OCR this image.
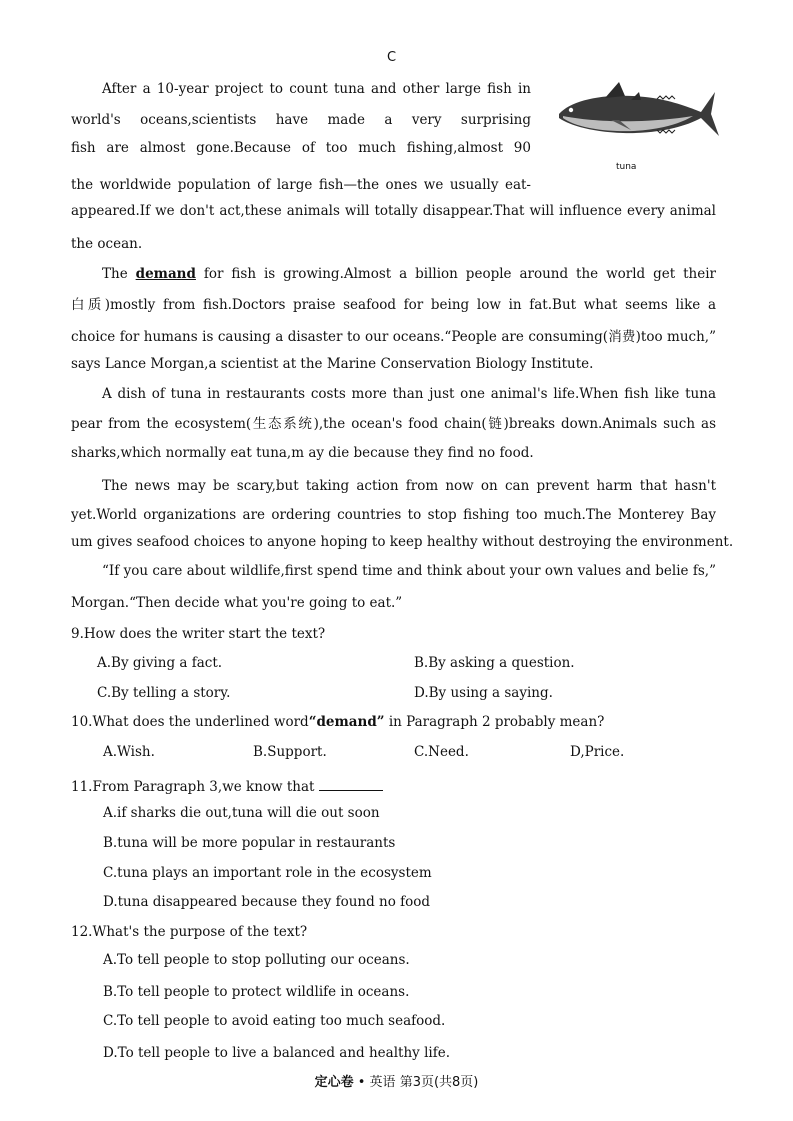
C
tuna
After a 10-year project to count tuna and other large fish in
world's oceans,scientists have made a very surprising
fish are almost gone.Because of too much fishing,almost 90
the worldwide population of large fish—the ones we usually eat-
appeared.If we don't act,these animals will totally disappear.That will influence every animal
the ocean.
The demand for fish is growing.Almost a billion people around the world get their
白质)mostly from fish.Doctors praise seafood for being low in fat.But what seems like a
choice for humans is causing a disaster to our oceans.“People are consuming(消费)too much,”
says Lance Morgan,a scientist at the Marine Conservation Biology Institute.
A dish of tuna in restaurants costs more than just one animal's life.When fish like tuna
pear from the ecosystem(生态系统),the ocean's food chain(链)breaks down.Animals such as
sharks,which normally eat tuna,m ay die because they find no food.
The news may be scary,but taking action from now on can prevent harm that hasn't
yet.World organizations are ordering countries to stop fishing too much.The Monterey Bay
um gives seafood choices to anyone hoping to keep healthy without destroying the environment.
“If you care about wildlife,first spend time and think about your own values and belie fs,”
Morgan.“Then decide what you're going to eat.”
9.How does the writer start the text?
A.By giving a fact.	B.By asking a question.
C.By telling a story.	D.By using a saying.
10.What does the underlined word“demand” in Paragraph 2 probably mean?
A.Wish.	B.Support.	C.Need.	D,Price.
11.From Paragraph 3,we know that
A.if sharks die out,tuna will die out soon
B.tuna will be more popular in restaurants
C.tuna plays an important role in the ecosystem
D.tuna disappeared because they found no food
12.What's the purpose of the text?
A.To tell people to stop polluting our oceans.
B.To tell people to protect wildlife in oceans.
C.To tell people to avoid eating too much seafood.
D.To tell people to live a balanced and healthy life.
定心卷 • 英语 第3页(共8页)
